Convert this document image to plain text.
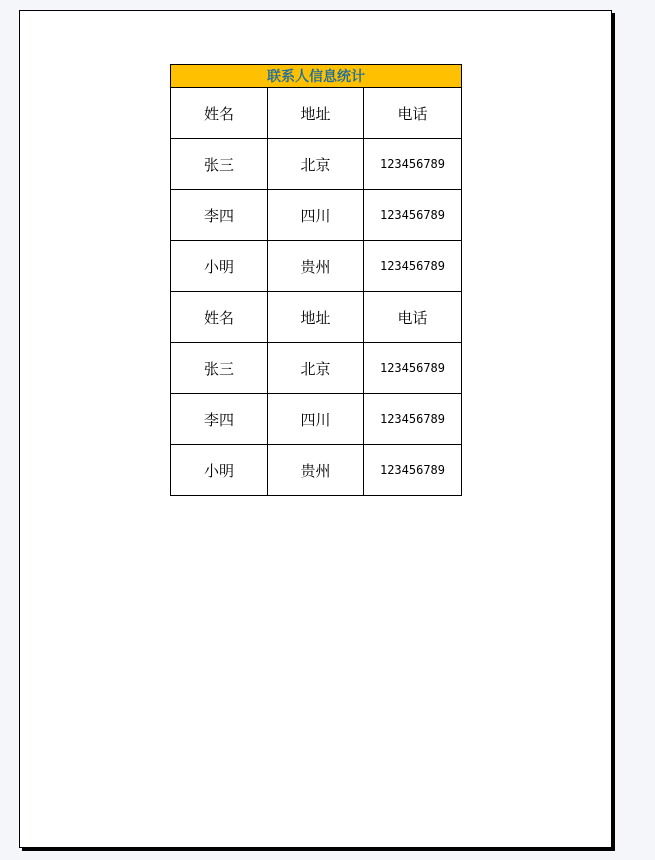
联系人信息统计		
姓名	地址	电话
张三	北京	123456789
李四	四川	123456789
小明	贵州	123456789
姓名	地址	电话
张三	北京	123456789
李四	四川	123456789
小明	贵州	123456789
